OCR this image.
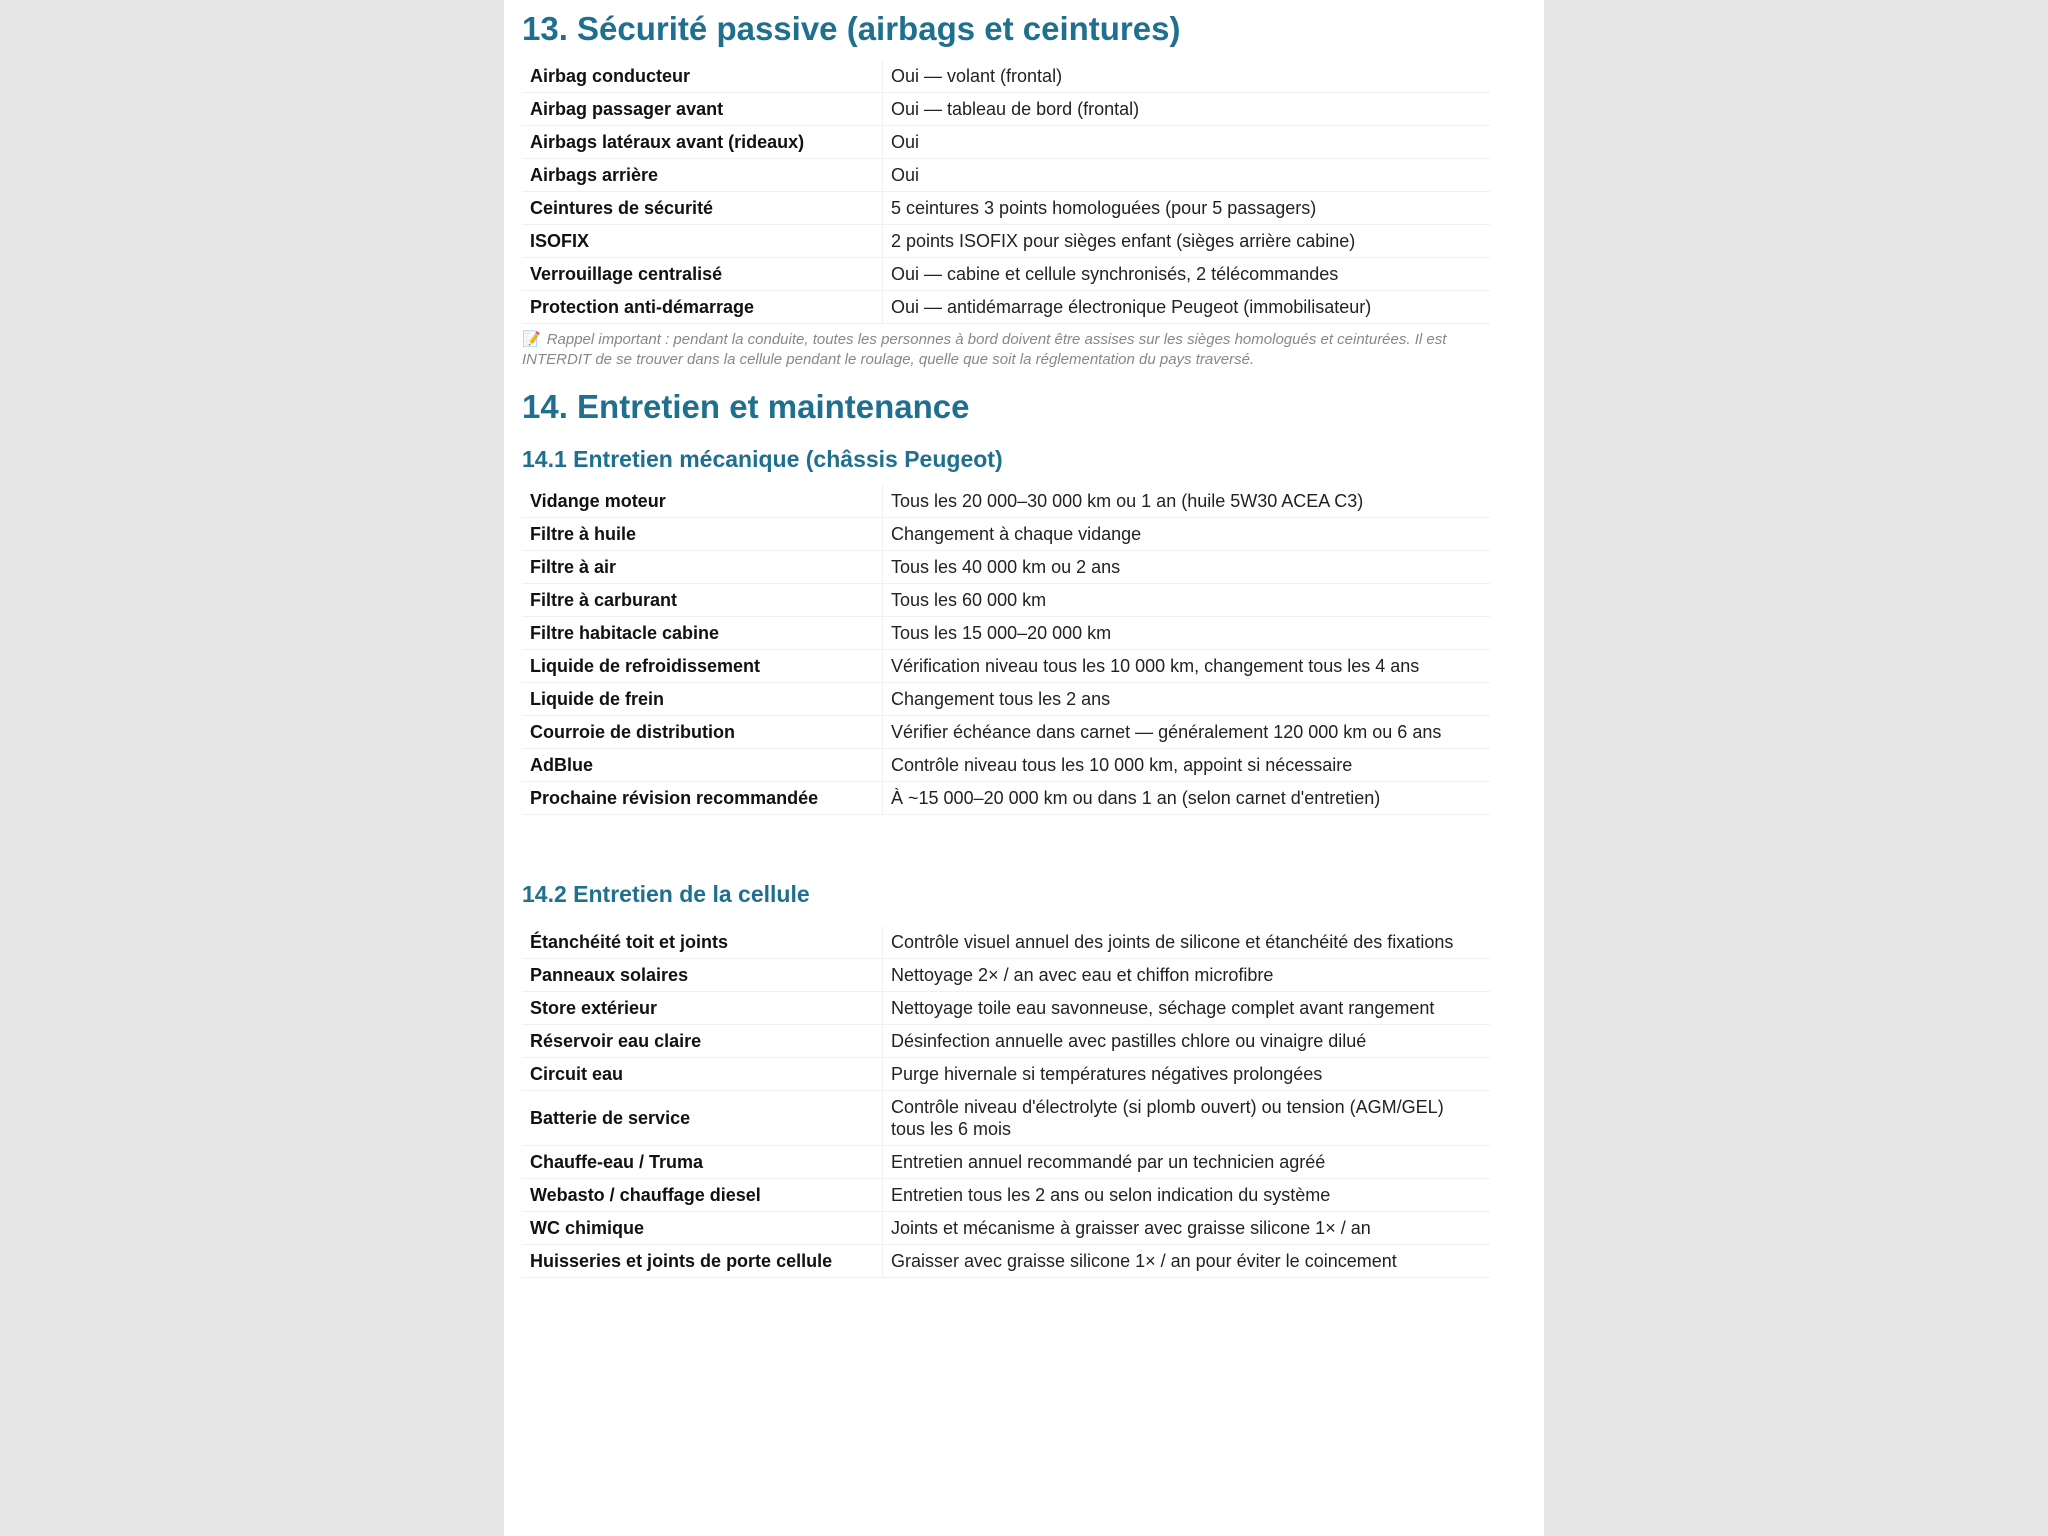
13. Sécurité passive (airbags et ceintures)
Airbag conducteur	Oui — volant (frontal)
Airbag passager avant	Oui — tableau de bord (frontal)
Airbags latéraux avant (rideaux)	Oui
Airbags arrière	Oui
Ceintures de sécurité	5 ceintures 3 points homologuées (pour 5 passagers)
ISOFIX	2 points ISOFIX pour sièges enfant (sièges arrière cabine)
Verrouillage centralisé	Oui — cabine et cellule synchronisés, 2 télécommandes
Protection anti-démarrage	Oui — antidémarrage électronique Peugeot (immobilisateur)

📝 Rappel important : pendant la conduite, toutes les personnes à bord doivent être assises sur les sièges homologués et ceinturées. Il est INTERDIT de se trouver dans la cellule pendant le roulage, quelle que soit la réglementation du pays traversé.

14. Entretien et maintenance
14.1 Entretien mécanique (châssis Peugeot)
Vidange moteur	Tous les 20 000–30 000 km ou 1 an (huile 5W30 ACEA C3)
Filtre à huile	Changement à chaque vidange
Filtre à air	Tous les 40 000 km ou 2 ans
Filtre à carburant	Tous les 60 000 km
Filtre habitacle cabine	Tous les 15 000–20 000 km
Liquide de refroidissement	Vérification niveau tous les 10 000 km, changement tous les 4 ans
Liquide de frein	Changement tous les 2 ans
Courroie de distribution	Vérifier échéance dans carnet — généralement 120 000 km ou 6 ans
AdBlue	Contrôle niveau tous les 10 000 km, appoint si nécessaire
Prochaine révision recommandée	À ~15 000–20 000 km ou dans 1 an (selon carnet d'entretien)
14.2 Entretien de la cellule
Étanchéité toit et joints	Contrôle visuel annuel des joints de silicone et étanchéité des fixations
Panneaux solaires	Nettoyage 2× / an avec eau et chiffon microfibre
Store extérieur	Nettoyage toile eau savonneuse, séchage complet avant rangement
Réservoir eau claire	Désinfection annuelle avec pastilles chlore ou vinaigre dilué
Circuit eau	Purge hivernale si températures négatives prolongées
Batterie de service	Contrôle niveau d'électrolyte (si plomb ouvert) ou tension (AGM/GEL) tous les 6 mois
Chauffe-eau / Truma	Entretien annuel recommandé par un technicien agréé
Webasto / chauffage diesel	Entretien tous les 2 ans ou selon indication du système
WC chimique	Joints et mécanisme à graisser avec graisse silicone 1× / an
Huisseries et joints de porte cellule	Graisser avec graisse silicone 1× / an pour éviter le coincement
